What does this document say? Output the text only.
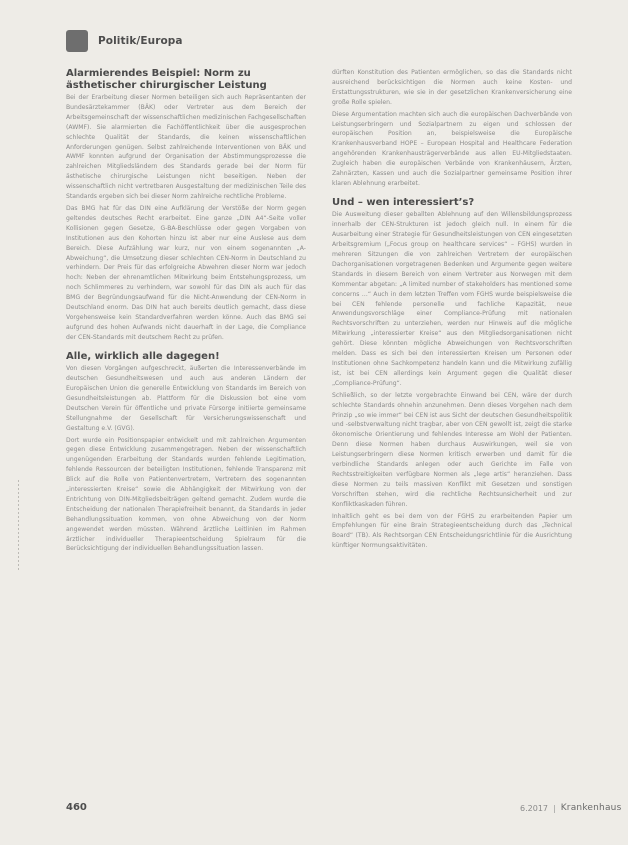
Politik/Europa
Alarmierendes Beispiel: Norm zu ästhetischer chirurgischer Leistung

Bei der Erarbeitung dieser Normen beteiligen sich auch Repräsentanten der Bundesärztekammer (BÄK) oder Vertreter aus dem Bereich der Arbeitsgemeinschaft der wissenschaftlichen medizinischen Fachgesellschaften (AWMF). Sie alarmierten die Fachöffentlichkeit über die ausgesprochen schlechte Qualität der Standards, die keinen wissenschaftlichen Anforderungen genügen. Selbst zahlreichende Interventionen von BÄK und AWMF konnten aufgrund der Organisation der Abstimmungsprozesse die zahlreichen Mitgliedsländern des Standards gerade bei der Norm für ästhetische chirurgische Leistungen nicht beseitigen. Neben der wissenschaftlich nicht vertretbaren Ausgestaltung der medizinischen Teile des Standards ergeben sich bei dieser Norm zahlreiche rechtliche Probleme.

Das BMG hat für das DIN eine Aufklärung der Verstöße der Norm gegen geltendes deutsches Recht erarbeitet. Eine ganze „DIN A4“-Seite voller Kollisionen gegen Gesetze, G-BA-Beschlüsse oder gegen Vorgaben von Institutionen aus den Kohorten hinzu ist aber nur eine Auslese aus dem Bereich. Diese Aufzählung war kurz, nur von einem sogenannten „A-Abweichung“, die Umsetzung dieser schlechten CEN-Norm in Deutschland zu verhindern. Der Preis für das erfolgreiche Abwehren dieser Norm war jedoch hoch: Neben der ehrenamtlichen Mitwirkung beim Entstehungsprozess, um noch Schlimmeres zu verhindern, war sowohl für das DIN als auch für das BMG der Begründungsaufwand für die Nicht-Anwendung der CEN-Norm in Deutschland enorm. Das DIN hat auch bereits deutlich gemacht, dass diese Vorgehensweise kein Standardverfahren werden könne. Auch das BMG sei aufgrund des hohen Aufwands nicht dauerhaft in der Lage, die Compliance der CEN-Standards mit deutschem Recht zu prüfen.

Alle, wirklich alle dagegen!

Von diesen Vorgängen aufgeschreckt, äußerten die Interessenverbände im deutschen Gesundheitswesen und auch aus anderen Ländern der Europäischen Union die generelle Entwicklung von Standards im Bereich von Gesundheitsleistungen ab. Plattform für die Diskussion bot eine vom Deutschen Verein für öffentliche und private Fürsorge initiierte gemeinsame Stellungnahme der Gesellschaft für Versicherungswissenschaft und Gestaltung e.V. (GVG).

Dort wurde ein Positionspapier entwickelt und mit zahlreichen Argumenten gegen diese Entwicklung zusammengetragen. Neben der wissenschaftlich ungenügenden Erarbeitung der Standards wurden fehlende Legitimation, fehlende Ressourcen der beteiligten Institutionen, fehlende Transparenz mit Blick auf die Rolle von Patientenvertretern, Vertretern des sogenannten „interessierten Kreise“ sowie die Abhängigkeit der Mitwirkung von der Entrichtung von DIN-Mitgliedsbeiträgen geltend gemacht. Zudem wurde die Entscheidung der nationalen Therapiefreiheit benannt, da Standards in jeder Behandlungssituation kommen, von ohne Abweichung von der Norm angewendet werden müssten. Während ärztliche Leitlinien im Rahmen ärztlicher individueller Therapieentscheidung Spielraum für die Berücksichtigung der individuellen Behandlungssituation lassen.

dürften Konstitution des Patienten ermöglichen, so das die Standards nicht ausreichend berücksichtigen die Normen auch keine Kosten- und Erstattungsstrukturen, wie sie in der gesetzlichen Krankenversicherung eine große Rolle spielen.

Diese Argumentation machten sich auch die europäischen Dachverbände von Leistungserbringern und Sozialpartnern zu eigen und schlossen der europäischen Position an, beispielsweise die Europäische Krankenhausverband HOPE – European Hospital and Healthcare Federation angehörenden Krankenhausträgerverbände aus allen EU-Mitgliedstaaten. Zugleich haben die europäischen Verbände von Krankenhäusern, Ärzten, Zahnärzten, Kassen und auch die Sozialpartner gemeinsame Position ihrer klaren Ablehnung erarbeitet.

Und – wen interessiert’s?

Die Ausweitung dieser geballten Ablehnung auf den Willensbildungsprozess innerhalb der CEN-Strukturen ist jedoch gleich null. In einem für die Ausarbeitung einer Strategie für Gesundheitsleistungen von CEN eingesetzten Arbeitsgremium („Focus group on healthcare services“ – FGHS) wurden in mehreren Sitzungen die von zahlreichen Vertretern der europäischen Dachorganisationen vorgetragenen Bedenken und Argumente gegen weitere Standards in diesem Bereich von einem Vertreter aus Norwegen mit dem Kommentar abgetan: „A limited number of stakeholders has mentioned some concerns …“ Auch in dem letzten Treffen vom FGHS wurde beispielsweise die bei CEN fehlende personelle und fachliche Kapazität, neue Anwendungsvorschläge einer Compliance-Prüfung mit nationalen Rechtsvorschriften zu unterziehen, werden nur Hinweis auf die mögliche Mitwirkung „interessierter Kreise“ aus den Mitgliedsorganisationen nicht gehört. Diese könnten mögliche Abweichungen von Rechtsvorschriften melden. Dass es sich bei den interessierten Kreisen um Personen oder Institutionen ohne Sachkompetenz handeln kann und die Mitwirkung zufällig ist, ist bei CEN allerdings kein Argument gegen die Qualität dieser „Compliance-Prüfung“.

Schließlich, so der letzte vorgebrachte Einwand bei CEN, wäre der durch schlechte Standards ohnehin anzunehmen. Denn dieses Vorgehen nach dem Prinzip „so wie immer“ bei CEN ist aus Sicht der deutschen Gesundheitspolitik und -selbstverwaltung nicht tragbar, aber von CEN gewollt ist, zeigt die starke ökonomische Orientierung und fehlendes Interesse am Wohl der Patienten. Denn diese Normen haben durchaus Auswirkungen, weil sie von Leistungserbringern diese Normen kritisch erwerben und damit für die verbindliche Standards anlegen oder auch Gerichte im Falle von Rechtsstreitigkeiten verfügbare Normen als „lege artis“ heranziehen. Dass diese Normen zu teils massiven Konflikt mit Gesetzen und sonstigen Vorschriften stehen, wird die rechtliche Rechtsunsicherheit und zur Konfliktkaskaden führen.

Inhaltlich geht es bei dem von der FGHS zu erarbeitenden Papier um Empfehlungen für eine Brain Strategieentscheidung durch das „Technical Board“ (TB). Als Rechtsorgan CEN Entscheidungsrichtlinie für die Ausrichtung künftiger Normungsaktivitäten.

460	6.2017 | Krankenhaus
